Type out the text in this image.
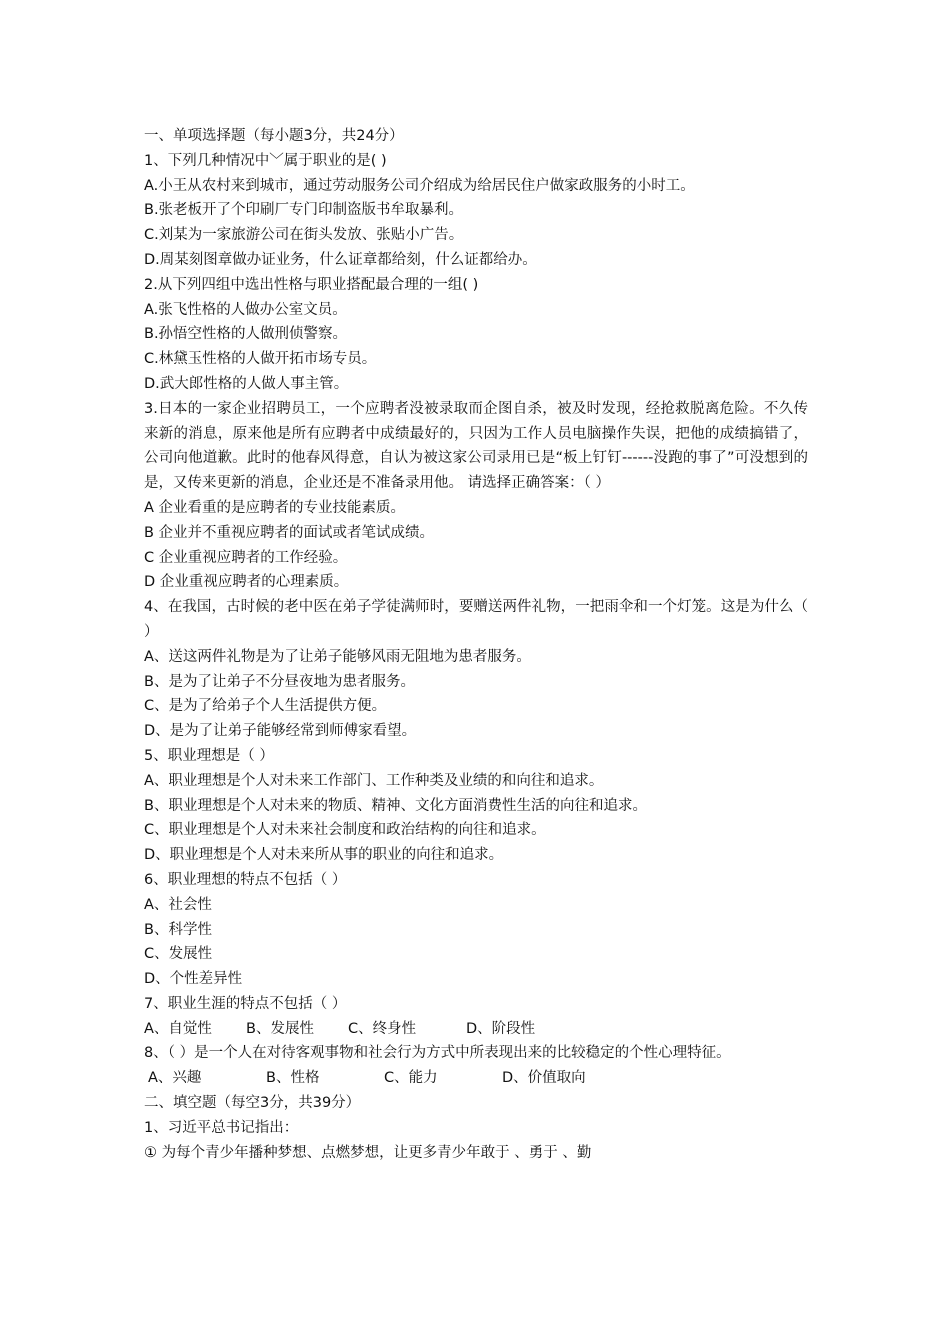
一、单项选择题（每小题3分，共24分）
1、下列几种情况中﹀属于职业的是( )
A.小王从农村来到城市，通过劳动服务公司介绍成为给居民住户做家政服务的小时工。
B.张老板开了个印刷厂专门印制盗版书牟取暴利。
C.刘某为一家旅游公司在街头发放、张贴小广告。
D.周某刻图章做办证业务，什么证章都给刻，什么证都给办。
2.从下列四组中选出性格与职业搭配最合理的一组( )
A.张飞性格的人做办公室文员。
B.孙悟空性格的人做刑侦警察。
C.林黛玉性格的人做开拓市场专员。
D.武大郎性格的人做人事主管。
3.日本的一家企业招聘员工，一个应聘者没被录取而企图自杀，被及时发现，经抢救脱离危险。不久传来新的消息，原来他是所有应聘者中成绩最好的，只因为工作人员电脑操作失误，把他的成绩搞错了，公司向他道歉。此时的他春风得意，自认为被这家公司录用已是“板上钉钉------没跑的事了”可没想到的是，又传来更新的消息，企业还是不准备录用他。 请选择正确答案：（ ）
A 企业看重的是应聘者的专业技能素质。
B 企业并不重视应聘者的面试或者笔试成绩。
C 企业重视应聘者的工作经验。
D 企业重视应聘者的心理素质。
4、在我国，古时候的老中医在弟子学徒满师时，要赠送两件礼物，一把雨伞和一个灯笼。这是为什么（ ）
A、送这两件礼物是为了让弟子能够风雨无阻地为患者服务。
B、是为了让弟子不分昼夜地为患者服务。
C、是为了给弟子个人生活提供方便。
D、是为了让弟子能够经常到师傅家看望。
5、职业理想是（ ）
A、职业理想是个人对未来工作部门、工作种类及业绩的和向往和追求。
B、职业理想是个人对未来的物质、精神、文化方面消费性生活的向往和追求。
C、职业理想是个人对未来社会制度和政治结构的向往和追求。
D、职业理想是个人对未来所从事的职业的向往和追求。
6、职业理想的特点不包括（ ）
A、社会性
B、科学性
C、发展性
D、个性差异性
7、职业生涯的特点不包括（ ）
A、自觉性	B、发展性	C、终身性	D、阶段性
8、（ ）是一个人在对待客观事物和社会行为方式中所表现出来的比较稳定的个性心理特征。
A、兴趣	B、性格	C、能力	D、价值取向
二、填空题（每空3分，共39分）
1、习近平总书记指出：
① 为每个青少年播种梦想、点燃梦想，让更多青少年敢于 、勇于 、勤
